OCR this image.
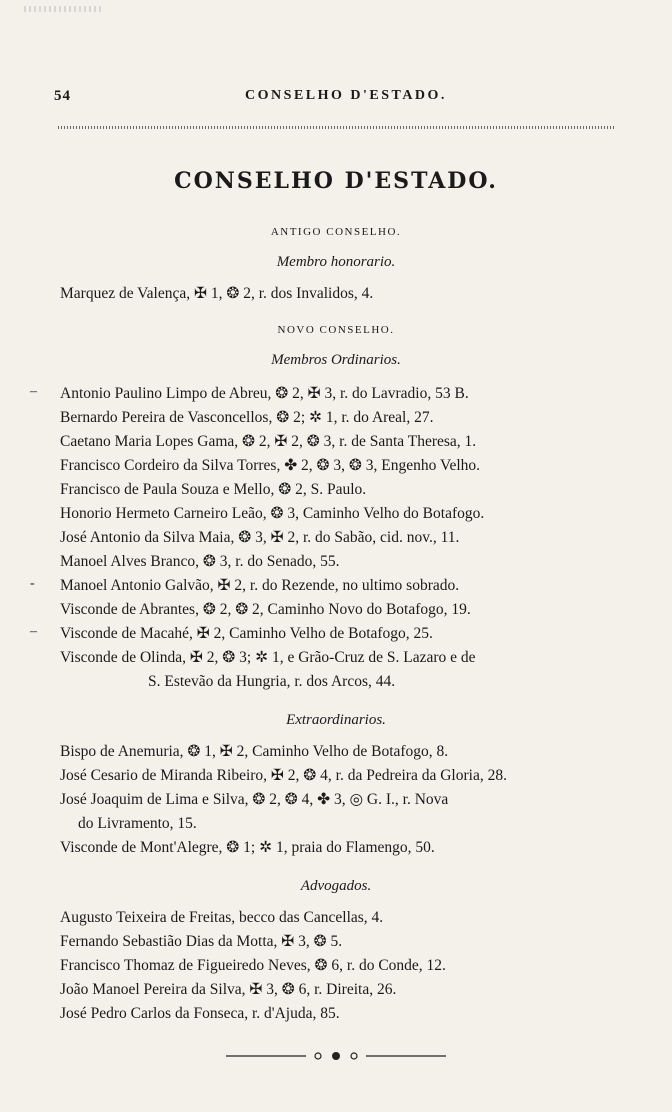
54	CONSELHO D'ESTADO.
CONSELHO D'ESTADO.
ANTIGO CONSELHO.
Membro honorario.
Marquez de Valença, ✠ 1, ❂ 2, r. dos Invalidos, 4.
NOVO CONSELHO.
Membros Ordinarios.
– Antonio Paulino Limpo de Abreu, ❂ 2, ✠ 3, r. do Lavradio, 53 B.
Bernardo Pereira de Vasconcellos, ❂ 2; ✲ 1, r. do Areal, 27.
Caetano Maria Lopes Gama, ❂ 2, ✠ 2, ❂ 3, r. de Santa Theresa, 1.
Francisco Cordeiro da Silva Torres, ✤ 2, ❂ 3, ❂ 3, Engenho Velho.
Francisco de Paula Souza e Mello, ❂ 2, S. Paulo.
Honorio Hermeto Carneiro Leão, ❂ 3, Caminho Velho do Botafogo.
José Antonio da Silva Maia, ❂ 3, ✠ 2, r. do Sabão, cid. nov., 11.
Manoel Alves Branco, ❂ 3, r. do Senado, 55.
- Manoel Antonio Galvão, ✠ 2, r. do Rezende, no ultimo sobrado.
Visconde de Abrantes, ❂ 2, ❂ 2, Caminho Novo do Botafogo, 19.
– Visconde de Macahé, ✠ 2, Caminho Velho de Botafogo, 25.
Visconde de Olinda, ✠ 2, ❂ 3; ✲ 1, e Grão-Cruz de S. Lazaro e de
S. Estevão da Hungria, r. dos Arcos, 44.
Extraordinarios.
Bispo de Anemuria, ❂ 1, ✠ 2, Caminho Velho de Botafogo, 8.
José Cesario de Miranda Ribeiro, ✠ 2, ❂ 4, r. da Pedreira da Gloria, 28.
José Joaquim de Lima e Silva, ❂ 2, ❂ 4, ✤ 3, ◎ G. I., r. Nova
do Livramento, 15.
Visconde de Mont'Alegre, ❂ 1; ✲ 1, praia do Flamengo, 50.
Advogados.
Augusto Teixeira de Freitas, becco das Cancellas, 4.
Fernando Sebastião Dias da Motta, ✠ 3, ❂ 5.
Francisco Thomaz de Figueiredo Neves, ❂ 6, r. do Conde, 12.
João Manoel Pereira da Silva, ✠ 3, ❂ 6, r. Direita, 26.
José Pedro Carlos da Fonseca, r. d'Ajuda, 85.
